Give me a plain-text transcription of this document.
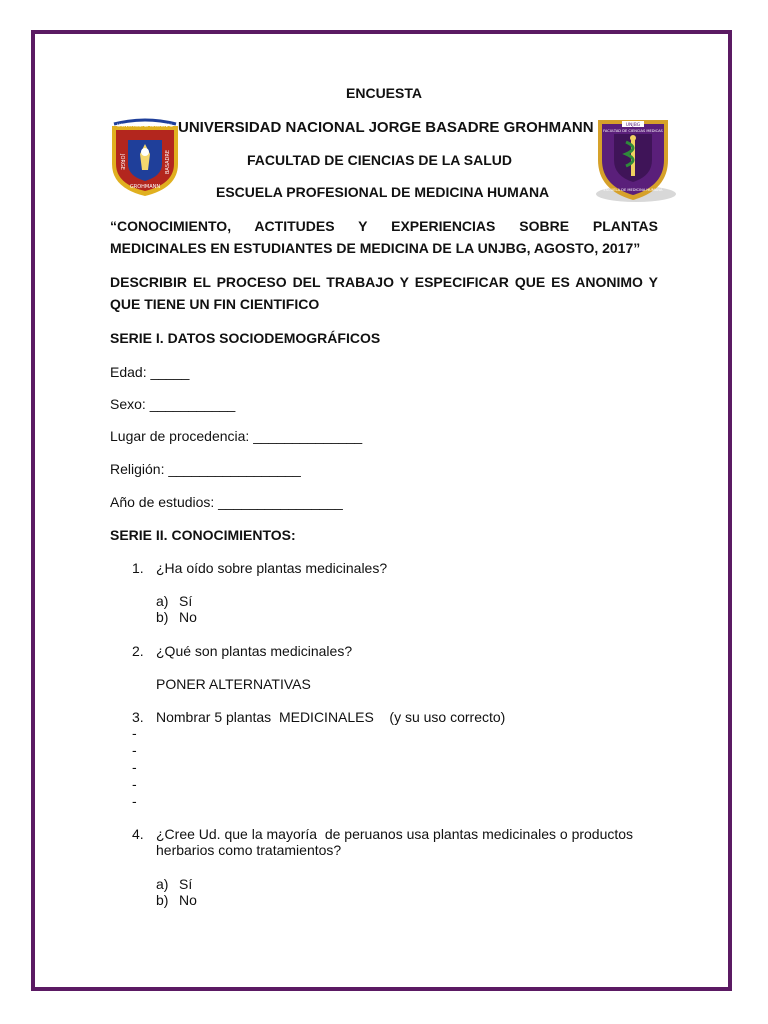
UNIVERSIDAD NACIONAL
JORGE	BASADRE
GROHMANN
UNJBG
FACULTAD DE CIENCIAS MEDICAS
ESCUELA DE MEDICINA HUMANA
ENCUESTA
UNIVERSIDAD NACIONAL JORGE BASADRE GROHMANN
FACULTAD DE CIENCIAS DE LA SALUD
ESCUELA PROFESIONAL DE MEDICINA HUMANA
“CONOCIMIENTO, ACTITUDES Y EXPERIENCIAS SOBRE PLANTAS
MEDICINALES EN ESTUDIANTES DE MEDICINA DE LA UNJBG, AGOSTO, 2017”
DESCRIBIR EL PROCESO DEL TRABAJO Y ESPECIFICAR QUE ES ANONIMO Y
QUE TIENE UN FIN CIENTIFICO
SERIE I. DATOS SOCIODEMOGRÁFICOS
Edad: _____
Sexo: ___________
Lugar de procedencia: ______________
Religión: _________________
Año de estudios: ________________
SERIE II. CONOCIMIENTOS:
1. ¿Ha oído sobre plantas medicinales?
a) Sí
b) No
2. ¿Qué son plantas medicinales?
PONER ALTERNATIVAS
3. Nombrar 5 plantas  MEDICINALES    (y su uso correcto)
-
-
-
-
-
4. ¿Cree Ud. que la mayoría  de peruanos usa plantas medicinales o productos
herbarios como tratamientos?
a) Sí
b) No
